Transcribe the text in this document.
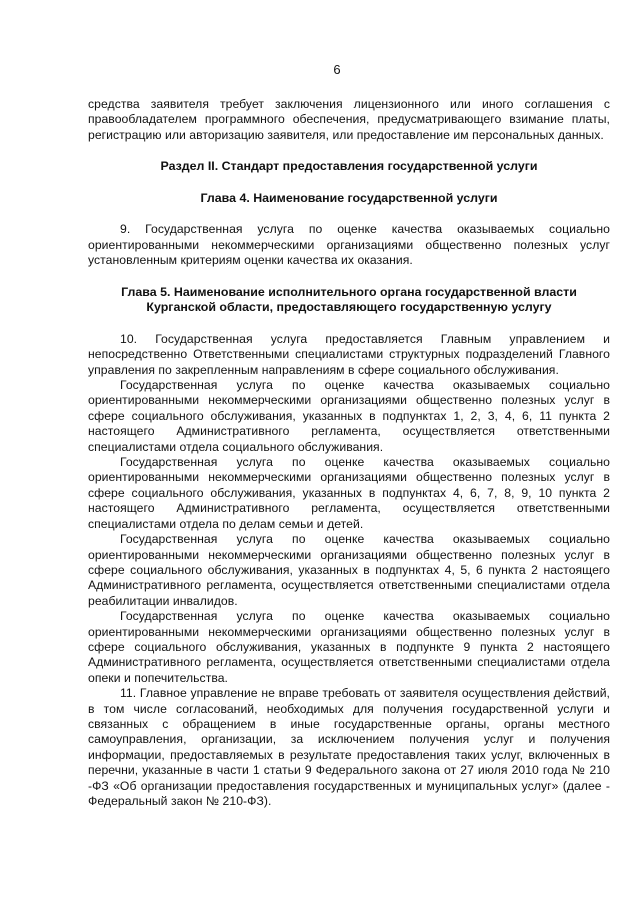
6

средства заявителя требует заключения лицензионного или иного соглашения с правообладателем программного обеспечения, предусматривающего взимание платы, регистрацию или авторизацию заявителя, или предоставление им персональных данных.

Раздел II. Стандарт предоставления государственной услуги
Глава 4. Наименование государственной услуги

9. Государственная услуга по оценке качества оказываемых социально ориентированными некоммерческими организациями общественно полезных услуг установленным критериям оценки качества их оказания.

Глава 5. Наименование исполнительного органа государственной власти Курганской области, предоставляющего государственную услугу

10. Государственная услуга предоставляется Главным управлением и непосредственно Ответственными специалистами структурных подразделений Главного управления по закрепленным направлениям в сфере социального обслуживания.

Государственная услуга по оценке качества оказываемых социально ориентированными некоммерческими организациями общественно полезных услуг в сфере социального обслуживания, указанных в подпунктах 1, 2, 3, 4, 6, 11 пункта 2 настоящего Административного регламента, осуществляется ответственными специалистами отдела социального обслуживания.

Государственная услуга по оценке качества оказываемых социально ориентированными некоммерческими организациями общественно полезных услуг в сфере социального обслуживания, указанных в подпунктах 4, 6, 7, 8, 9, 10 пункта 2 настоящего Административного регламента, осуществляется ответственными специалистами отдела по делам семьи и детей.

Государственная услуга по оценке качества оказываемых социально ориентированными некоммерческими организациями общественно полезных услуг в сфере социального обслуживания, указанных в подпунктах 4, 5, 6 пункта 2 настоящего Административного регламента, осуществляется ответственными специалистами отдела реабилитации инвалидов.

Государственная услуга по оценке качества оказываемых социально ориентированными некоммерческими организациями общественно полезных услуг в сфере социального обслуживания, указанных в подпункте 9 пункта 2 настоящего Административного регламента, осуществляется ответственными специалистами отдела опеки и попечительства.

11. Главное управление не вправе требовать от заявителя осуществления действий, в том числе согласований, необходимых для получения государственной услуги и связанных с обращением в иные государственные органы, органы местного самоуправления, организации, за исключением получения услуг и получения информации, предоставляемых в результате предоставления таких услуг, включенных в перечни, указанные в части 1 статьи 9 Федерального закона от 27 июля 2010 года № 210 -ФЗ «Об организации предоставления государственных и муниципальных услуг» (далее - Федеральный закон № 210-ФЗ).
